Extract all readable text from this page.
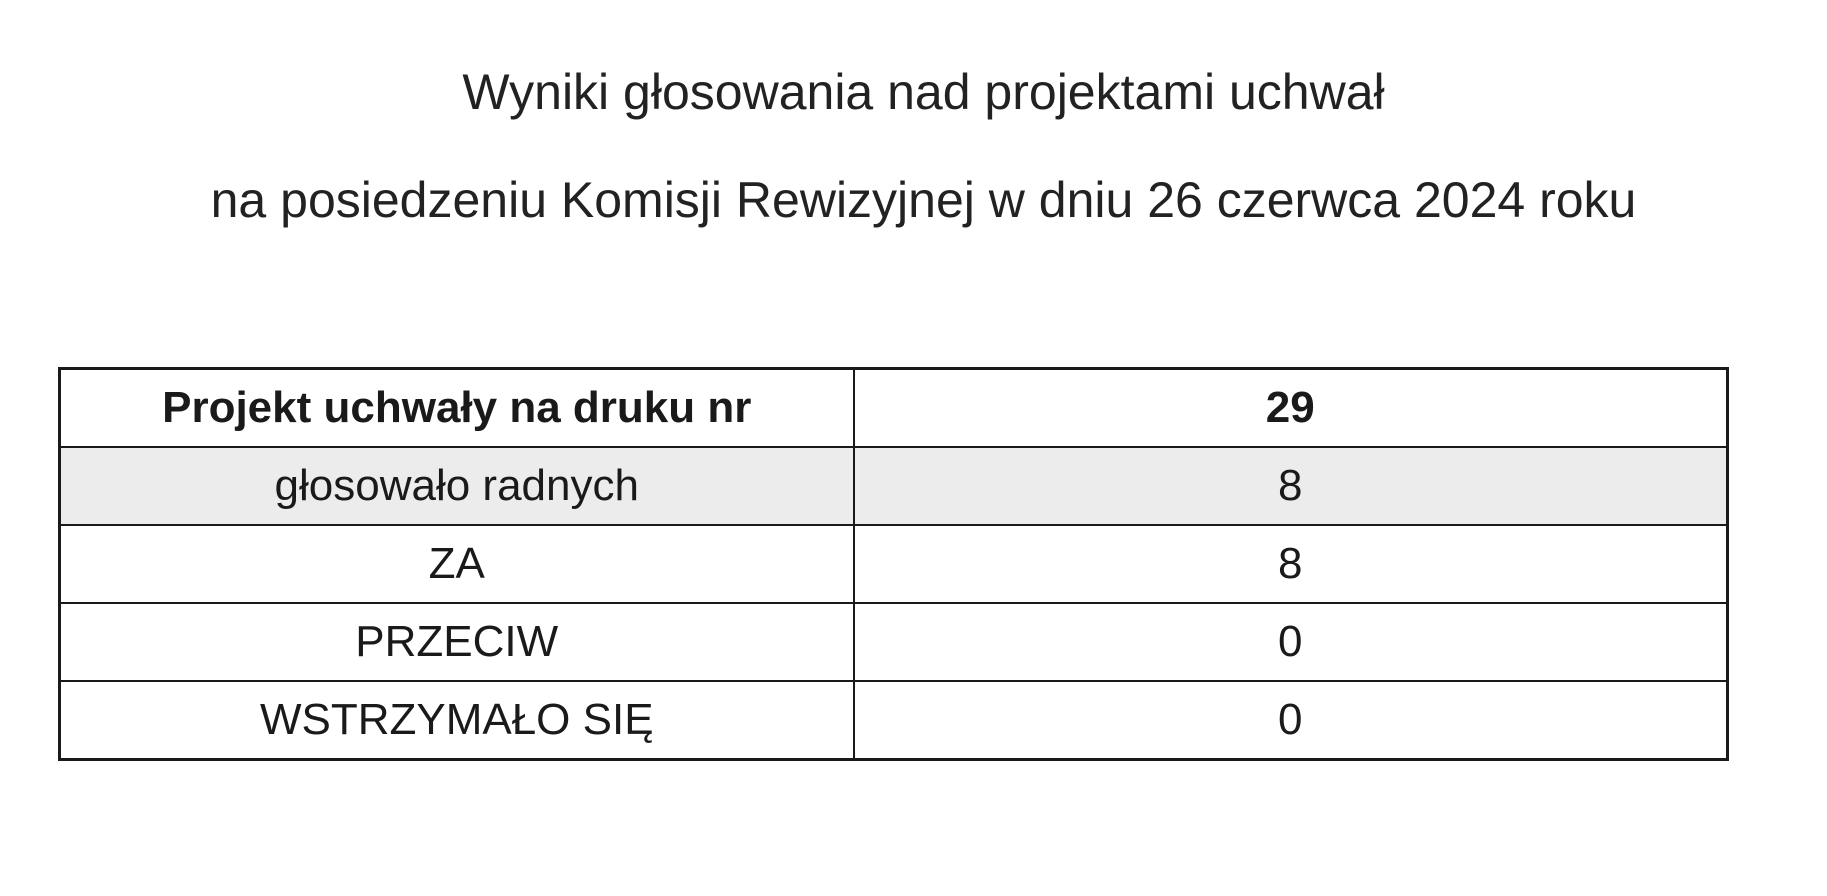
Wyniki głosowania nad projektami uchwał
na posiedzeniu Komisji Rewizyjnej w dniu 26 czerwca 2024 roku
Projekt uchwały na druku nr	29
głosowało radnych	8
ZA	8
PRZECIW	0
WSTRZYMAŁO SIĘ	0
